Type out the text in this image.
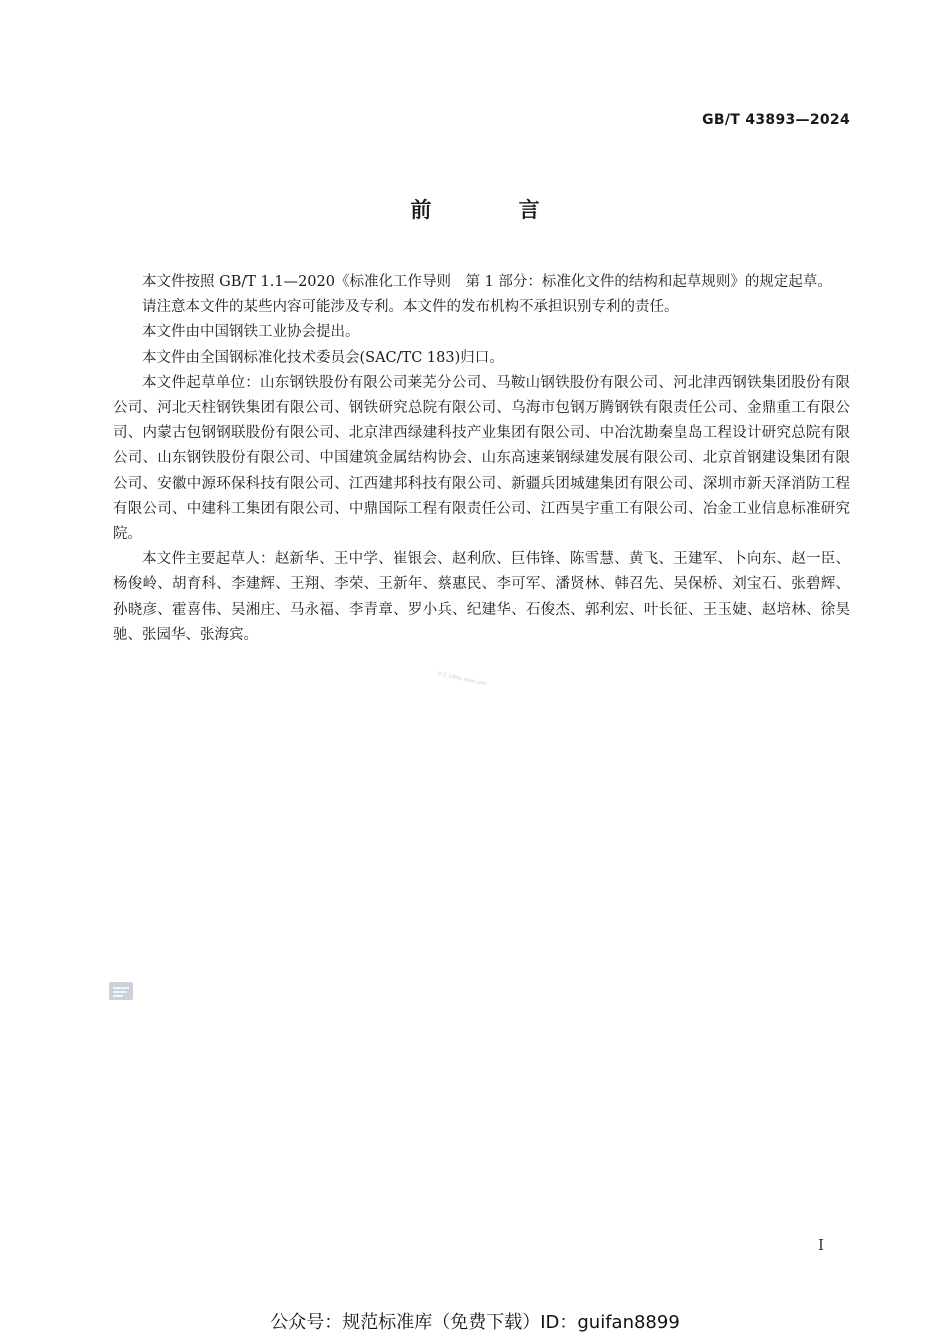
GB/T 43893—2024
前 言

本文件按照 GB/T 1.1—2020《标准化工作导则　第 1 部分：标准化文件的结构和起草规则》的规定起草。

请注意本文件的某些内容可能涉及专利。本文件的发布机构不承担识别专利的责任。

本文件由中国钢铁工业协会提出。

本文件由全国钢标准化技术委员会(SAC/TC 183)归口。

本文件起草单位：山东钢铁股份有限公司莱芜分公司、马鞍山钢铁股份有限公司、河北津西钢铁集团股份有限公司、河北天柱钢铁集团有限公司、钢铁研究总院有限公司、乌海市包钢万腾钢铁有限责任公司、金鼎重工有限公司、内蒙古包钢钢联股份有限公司、北京津西绿建科技产业集团有限公司、中冶沈勘秦皇岛工程设计研究总院有限公司、山东钢铁股份有限公司、中国建筑金属结构协会、山东高速莱钢绿建发展有限公司、北京首钢建设集团有限公司、安徽中源环保科技有限公司、江西建邦科技有限公司、新疆兵团城建集团有限公司、深圳市新天泽消防工程有限公司、中建科工集团有限公司、中鼎国际工程有限责任公司、江西昊宇重工有限公司、冶金工业信息标准研究院。

本文件主要起草人：赵新华、王中学、崔银会、赵利欣、巨伟锋、陈雪慧、黄飞、王建军、卜向东、赵一臣、杨俊岭、胡育科、李建辉、王翔、李荣、王新年、蔡惠民、李可军、潘贤林、韩召先、吴保桥、刘宝石、张碧辉、孙晓彦、霍喜伟、吴湘庄、马永福、李青章、罗小兵、纪建华、石俊杰、郭利宏、叶长征、王玉婕、赵培林、徐昊驰、张园华、张海宾。

东方文库tk.xxxx.com
I
公众号：规范标准库（免费下载）ID：guifan8899
